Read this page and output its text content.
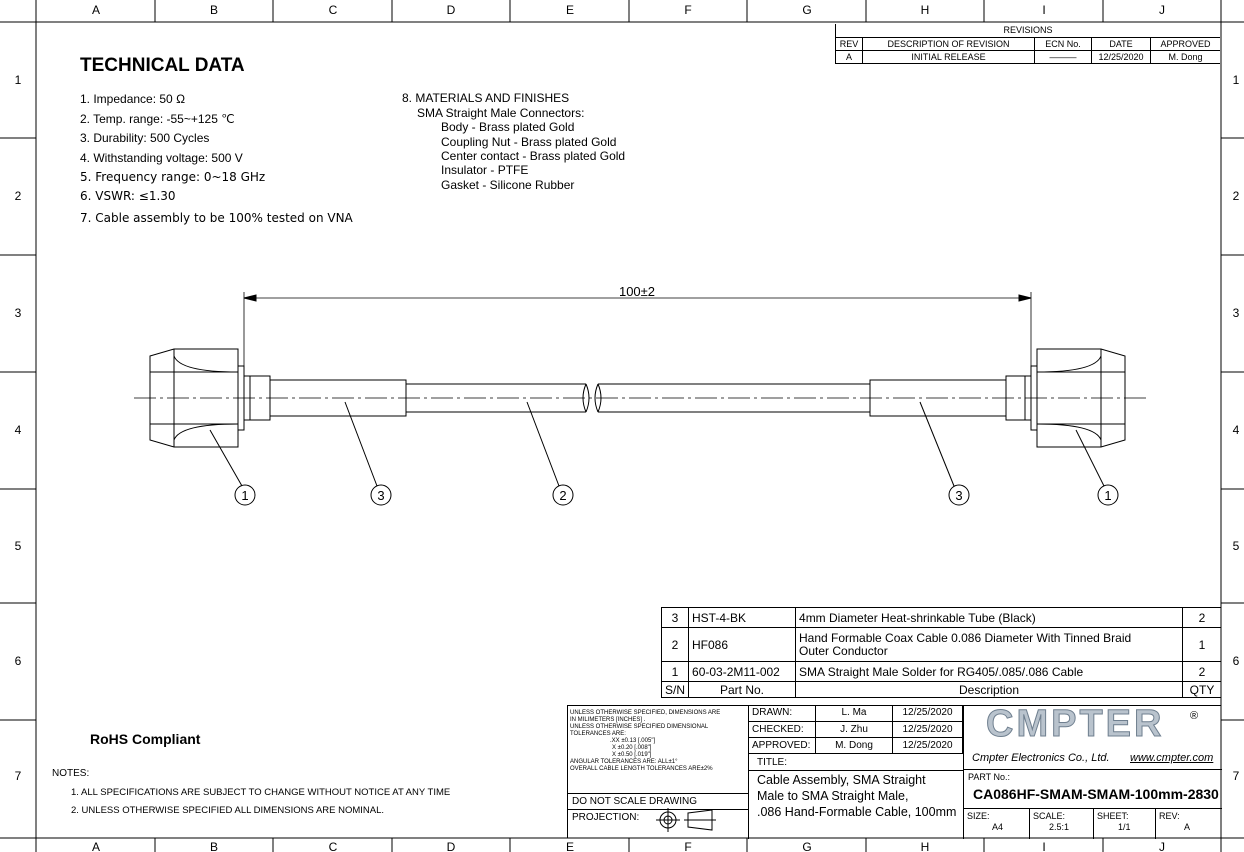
A	B	C	D	E	F	G	H	I	J
A	B	C	D	E	F	G	H	I	J
1
2
3
4
5
6
7
1
2
3
4
5
6
7
100±2
1	3	2	3	1
TECHNICAL DATA
1. Impedance: 50 Ω
2. Temp. range: -55~+125 ℃
3. Durability: 500 Cycles
4. Withstanding voltage: 500 V
5. Frequency range: 0~18 GHz
6. VSWR: ≤1.30
7. Cable assembly to be 100% tested on VNA
8. MATERIALS AND FINISHES
SMA Straight Male Connectors:
Body - Brass plated Gold
Coupling Nut - Brass plated Gold
Center contact - Brass plated Gold
Insulator - PTFE
Gasket - Silicone Rubber
REVISIONS				
REV	DESCRIPTION OF REVISION	ECN No.	DATE	APPROVED
A	INITIAL RELEASE	———	12/25/2020	M. Dong
3	HST-4-BK	4mm Diameter Heat-shrinkable Tube (Black)	2
2	HF086	Hand Formable Coax Cable 0.086 Diameter With Tinned Braid
Outer Conductor	1
1	60-03-2M11-002	SMA Straight Male Solder for RG405/.085/.086 Cable	2
S/N	Part No.	Description	QTY
UNLESS OTHERWISE SPECIFIED, DIMENSIONS ARE
IN MILIMETERS [INCHES] .
UNLESS OTHERWISE SPECIFIED DIMENSIONAL
TOLERANCES ARE:
.XX ±0.13 [.005"]
X ±0.20 [.008"]
X ±0.50 [.019"]
ANGULAR TOLERANCES ARE: ALL±1°
OVERALL CABLE LENGTH TOLERANCES ARE±2%
DO NOT SCALE DRAWING
PROJECTION:
DRAWN:	L. Ma	12/25/2020
CHECKED:	J. Zhu	12/25/2020
APPROVED:	M. Dong	12/25/2020
TITLE:
Cable Assembly, SMA Straight
Male to SMA Straight Male,
.086 Hand-Formable Cable, 100mm
CMPTER ®
Cmpter Electronics Co., Ltd. www.cmpter.com
PART No.:
CA086HF-SMAM-SMAM-100mm-2830
SIZE:
A4
SCALE:
2.5:1
SHEET:
1/1
REV:
A
RoHS Compliant
NOTES:
1. ALL SPECIFICATIONS ARE SUBJECT TO CHANGE WITHOUT NOTICE AT ANY TIME
2. UNLESS OTHERWISE SPECIFIED ALL DIMENSIONS ARE NOMINAL.
